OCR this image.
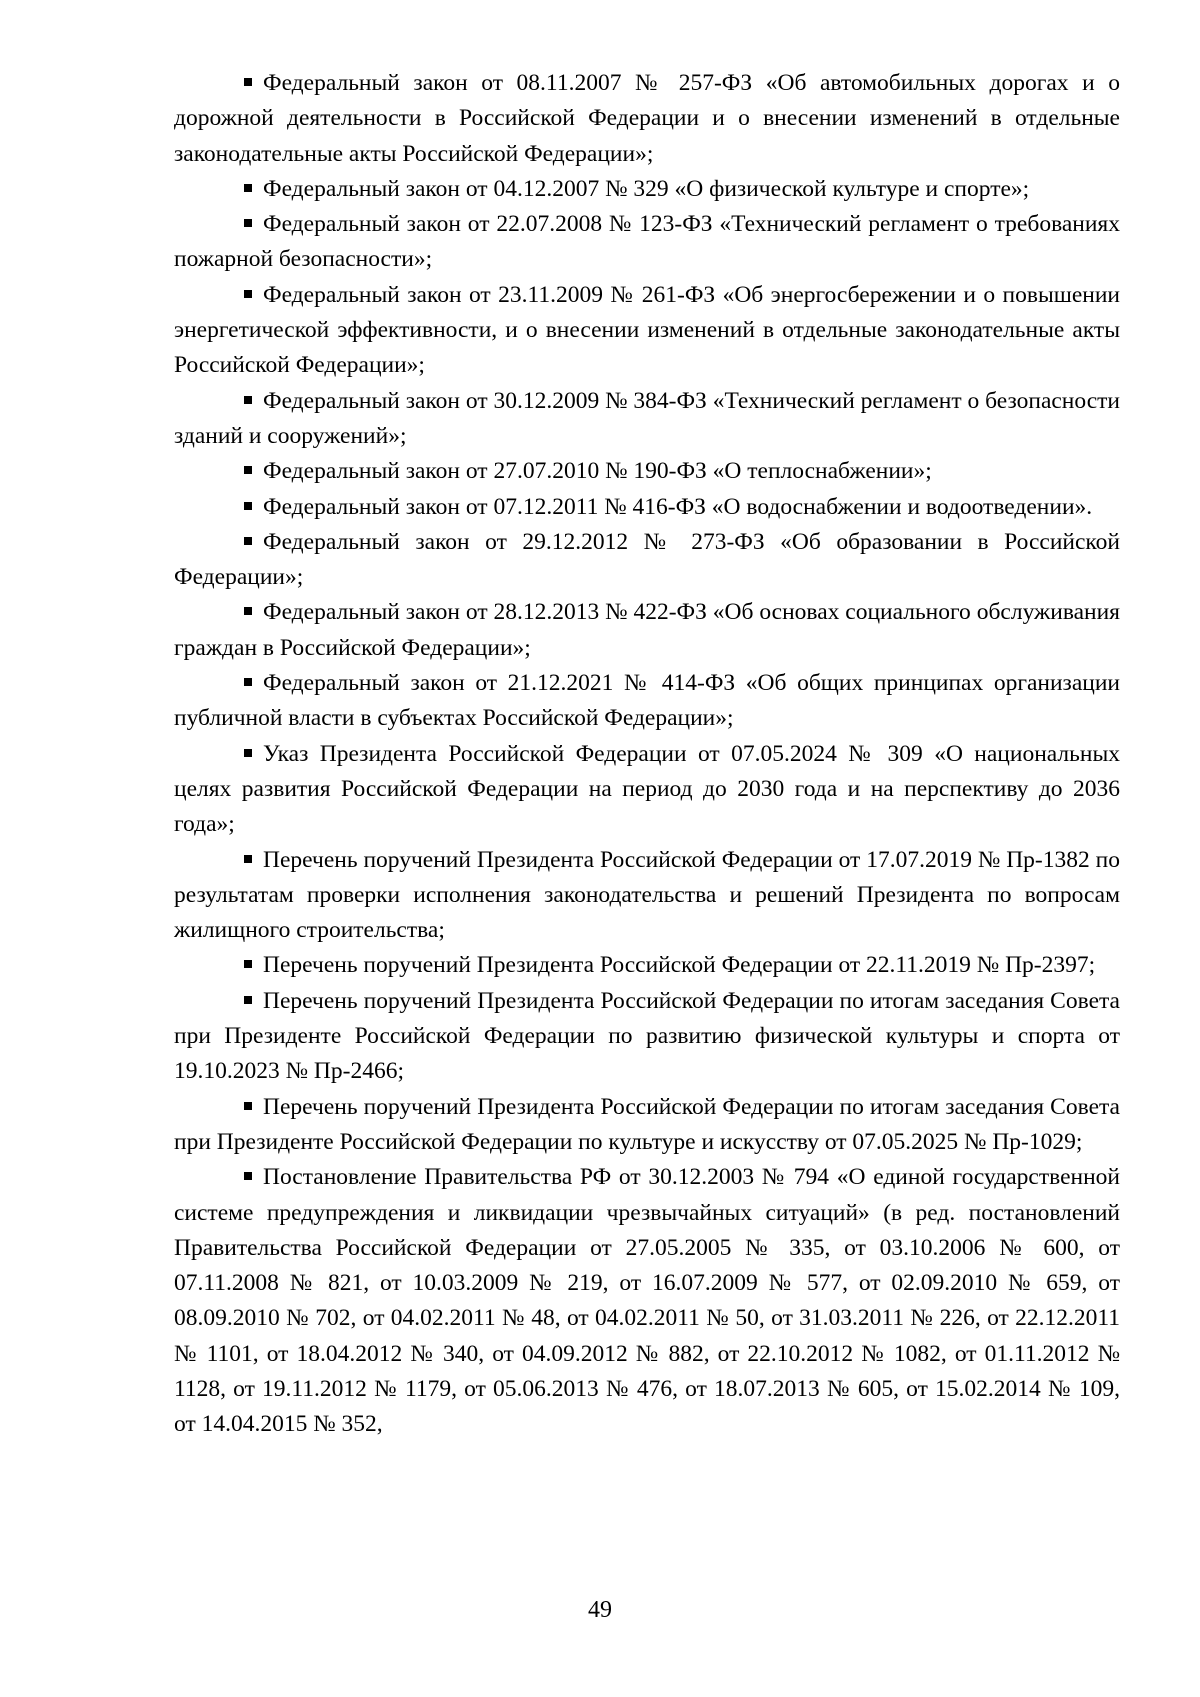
Федеральный закон от 08.11.2007 № 257-ФЗ «Об автомобильных дорогах и о дорожной деятельности в Российской Федерации и о внесении изменений в отдельные законодательные акты Российской Федерации»;

Федеральный закон от 04.12.2007 № 329 «О физической культуре и спорте»;

Федеральный закон от 22.07.2008 № 123-ФЗ «Технический регламент о требованиях пожарной безопасности»;

Федеральный закон от 23.11.2009 № 261-ФЗ «Об энергосбережении и о повышении энергетической эффективности, и о внесении изменений в отдельные законодательные акты Российской Федерации»;

Федеральный закон от 30.12.2009 № 384-ФЗ «Технический регламент о безопасности зданий и сооружений»;

Федеральный закон от 27.07.2010 № 190-ФЗ «О теплоснабжении»;

Федеральный закон от 07.12.2011 № 416-ФЗ «О водоснабжении и водоотведении».

Федеральный закон от 29.12.2012 № 273-ФЗ «Об образовании в Российской Федерации»;

Федеральный закон от 28.12.2013 № 422-ФЗ «Об основах социального обслуживания граждан в Российской Федерации»;

Федеральный закон от 21.12.2021 № 414-ФЗ «Об общих принципах организации публичной власти в субъектах Российской Федерации»;

Указ Президента Российской Федерации от 07.05.2024 № 309 «О национальных целях развития Российской Федерации на период до 2030 года и на перспективу до 2036 года»;

Перечень поручений Президента Российской Федерации от 17.07.2019 № Пр-1382 по результатам проверки исполнения законодательства и решений Президента по вопросам жилищного строительства;

Перечень поручений Президента Российской Федерации от 22.11.2019 № Пр-2397;

Перечень поручений Президента Российской Федерации по итогам заседания Совета при Президенте Российской Федерации по развитию физической культуры и спорта от 19.10.2023 № Пр-2466;

Перечень поручений Президента Российской Федерации по итогам заседания Совета при Президенте Российской Федерации по культуре и искусству от 07.05.2025 № Пр-1029;

Постановление Правительства РФ от 30.12.2003 № 794 «О единой государственной системе предупреждения и ликвидации чрезвычайных ситуаций» (в ред. постановлений Правительства Российской Федерации от 27.05.2005 № 335, от 03.10.2006 № 600, от 07.11.2008 № 821, от 10.03.2009 № 219, от 16.07.2009 № 577, от 02.09.2010 № 659, от 08.09.2010 № 702, от 04.02.2011 № 48, от 04.02.2011 № 50, от 31.03.2011 № 226, от 22.12.2011 № 1101, от 18.04.2012 № 340, от 04.09.2012 № 882, от 22.10.2012 № 1082, от 01.11.2012 № 1128, от 19.11.2012 № 1179, от 05.06.2013 № 476, от 18.07.2013 № 605, от 15.02.2014 № 109, от 14.04.2015 № 352,

49
